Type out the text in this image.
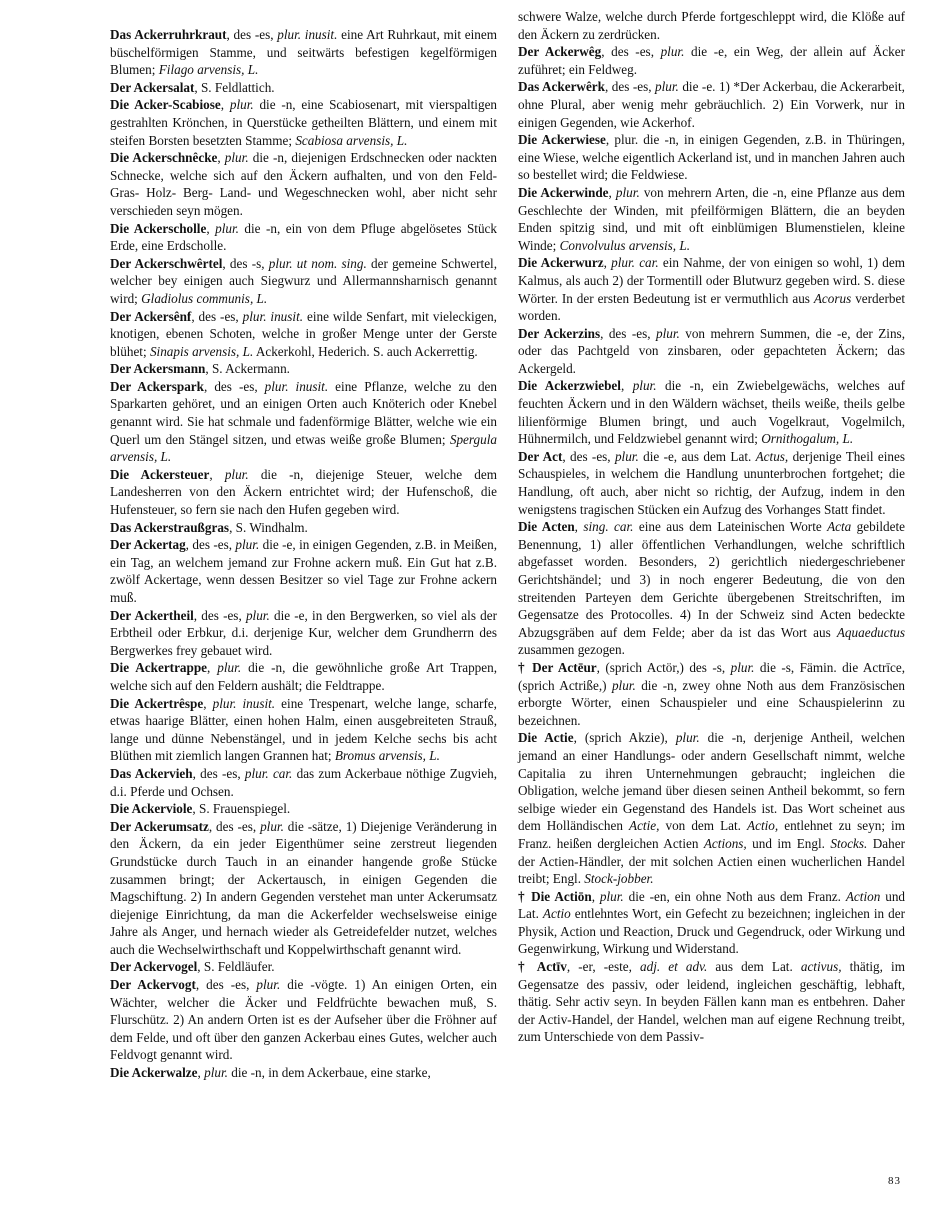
Das Ackerruhrkraut, des -es, plur. inusit. eine Art Ruhrkaut, mit einem büschelförmigen Stamme, und seitwärts befestigen kegelförmigen Blumen; Filago arvensis, L.

Der Ackersalat, S. Feldlattich.

Die Acker-Scabiose, plur. die -n, eine Scabiosenart, mit vierspaltigen gestrahlten Krönchen, in Querstücke getheilten Blättern, und einem mit steifen Borsten besetzten Stamme; Scabiosa arvensis, L.

Die Ackerschnêcke, plur. die -n, diejenigen Erdschnecken oder nackten Schnecke, welche sich auf den Äckern aufhalten, und von den Feld- Gras- Holz- Berg- Land- und Wegeschnecken wohl, aber nicht sehr verschieden seyn mögen.

Die Ackerscholle, plur. die -n, ein von dem Pfluge abgelösetes Stück Erde, eine Erdscholle.

Der Ackerschwêrtel, des -s, plur. ut nom. sing. der gemeine Schwertel, welcher bey einigen auch Siegwurz und Allermannsharnisch genannt wird; Gladiolus communis, L.

Der Ackersênf, des -es, plur. inusit. eine wilde Senfart, mit vieleckigen, knotigen, ebenen Schoten, welche in großer Menge unter der Gerste blühet; Sinapis arvensis, L. Ackerkohl, Hederich. S. auch Ackerrettig.

Der Ackersmann, S. Ackermann.

Der Ackerspark, des -es, plur. inusit. eine Pflanze, welche zu den Sparkarten gehöret, und an einigen Orten auch Knöterich oder Knebel genannt wird. Sie hat schmale und fadenförmige Blätter, welche wie ein Querl um den Stängel sitzen, und etwas weiße große Blumen; Spergula arvensis, L.

Die Ackersteuer, plur. die -n, diejenige Steuer, welche dem Landesherren von den Äckern entrichtet wird; der Hufenschoß, die Hufensteuer, so fern sie nach den Hufen gegeben wird.

Das Ackerstraußgras, S. Windhalm.

Der Ackertag, des -es, plur. die -e, in einigen Gegenden, z.B. in Meißen, ein Tag, an welchem jemand zur Frohne ackern muß. Ein Gut hat z.B. zwölf Ackertage, wenn dessen Besitzer so viel Tage zur Frohne ackern muß.

Der Ackertheil, des -es, plur. die -e, in den Bergwerken, so viel als der Erbtheil oder Erbkur, d.i. derjenige Kur, welcher dem Grundherrn des Bergwerkes frey gebauet wird.

Die Ackertrappe, plur. die -n, die gewöhnliche große Art Trappen, welche sich auf den Feldern aushält; die Feldtrappe.

Die Ackertrêspe, plur. inusit. eine Trespenart, welche lange, scharfe, etwas haarige Blätter, einen hohen Halm, einen ausgebreiteten Strauß, lange und dünne Nebenstängel, und in jedem Kelche sechs bis acht Blüthen mit ziemlich langen Grannen hat; Bromus arvensis, L.

Das Ackervieh, des -es, plur. car. das zum Ackerbaue nöthige Zugvieh, d.i. Pferde und Ochsen.

Die Ackerviole, S. Frauenspiegel.

Der Ackerumsatz, des -es, plur. die -sätze, 1) Diejenige Veränderung in den Äckern, da ein jeder Eigenthümer seine zerstreut liegenden Grundstücke durch Tauch in an einander hangende große Stücke zusammen bringt; der Ackertausch, in einigen Gegenden die Magschiftung. 2) In andern Gegenden verstehet man unter Ackerumsatz diejenige Einrichtung, da man die Ackerfelder wechselsweise einige Jahre als Anger, und hernach wieder als Getreidefelder nutzet, welches auch die Wechselwirthschaft und Koppelwirthschaft genannt wird.

Der Ackervogel, S. Feldläufer.

Der Ackervogt, des -es, plur. die -vögte. 1) An einigen Orten, ein Wächter, welcher die Äcker und Feldfrüchte bewachen muß, S. Flurschütz. 2) An andern Orten ist es der Aufseher über die Fröhner auf dem Felde, und oft über den ganzen Ackerbau eines Gutes, welcher auch Feldvogt genannt wird.

Die Ackerwalze, plur. die -n, in dem Ackerbaue, eine starke,

schwere Walze, welche durch Pferde fortgeschleppt wird, die Klöße auf den Äckern zu zerdrücken.

Der Ackerwêg, des -es, plur. die -e, ein Weg, der allein auf Äcker zuführet; ein Feldweg.

Das Ackerwêrk, des -es, plur. die -e. 1) *Der Ackerbau, die Ackerarbeit, ohne Plural, aber wenig mehr gebräuchlich. 2) Ein Vorwerk, nur in einigen Gegenden, wie Ackerhof.

Die Ackerwiese, plur. die -n, in einigen Gegenden, z.B. in Thüringen, eine Wiese, welche eigentlich Ackerland ist, und in manchen Jahren auch so bestellet wird; die Feldwiese.

Die Ackerwinde, plur. von mehrern Arten, die -n, eine Pflanze aus dem Geschlechte der Winden, mit pfeilförmigen Blättern, die an beyden Enden spitzig sind, und mit oft einblümigen Blumenstielen, kleine Winde; Convolvulus arvensis, L.

Die Ackerwurz, plur. car. ein Nahme, der von einigen so wohl, 1) dem Kalmus, als auch 2) der Tormentill oder Blutwurz gegeben wird. S. diese Wörter. In der ersten Bedeutung ist er vermuthlich aus Acorus verderbet worden.

Der Ackerzins, des -es, plur. von mehrern Summen, die -e, der Zins, oder das Pachtgeld von zinsbaren, oder gepachteten Äckern; das Ackergeld.

Die Ackerzwiebel, plur. die -n, ein Zwiebelgewächs, welches auf feuchten Äckern und in den Wäldern wächset, theils weiße, theils gelbe lilienförmige Blumen bringt, und auch Vogelkraut, Vogelmilch, Hühnermilch, und Feldzwiebel genannt wird; Ornithogalum, L.

Der Act, des -es, plur. die -e, aus dem Lat. Actus, derjenige Theil eines Schauspieles, in welchem die Handlung ununterbrochen fortgehet; die Handlung, oft auch, aber nicht so richtig, der Aufzug, indem in den wenigstens tragischen Stücken ein Aufzug des Vorhanges Statt findet.

Die Acten, sing. car. eine aus dem Lateinischen Worte Acta gebildete Benennung, 1) aller öffentlichen Verhandlungen, welche schriftlich abgefasset worden. Besonders, 2) gerichtlich niedergeschriebener Gerichtshändel; und 3) in noch engerer Bedeutung, die von den streitenden Parteyen dem Gerichte übergebenen Streitschriften, im Gegensatze des Protocolles. 4) In der Schweiz sind Acten bedeckte Abzugsgräben auf dem Felde; aber da ist das Wort aus Aquaeductus zusammen gezogen.

† Der Actēur, (sprich Actör,) des -s, plur. die -s, Fämin. die Actrīce, (sprich Actriße,) plur. die -n, zwey ohne Noth aus dem Französischen erborgte Wörter, einen Schauspieler und eine Schauspielerinn zu bezeichnen.

Die Actie, (sprich Akzie), plur. die -n, derjenige Antheil, welchen jemand an einer Handlungs- oder andern Gesellschaft nimmt, welche Capitalia zu ihren Unternehmungen gebraucht; ingleichen die Obligation, welche jemand über diesen seinen Antheil bekommt, so fern selbige wieder ein Gegenstand des Handels ist. Das Wort scheinet aus dem Holländischen Actie, von dem Lat. Actio, entlehnet zu seyn; im Franz. heißen dergleichen Actien Actions, und im Engl. Stocks. Daher der Actien-Händler, der mit solchen Actien einen wucherlichen Handel treibt; Engl. Stock-jobber.

† Die Actiōn, plur. die -en, ein ohne Noth aus dem Franz. Action und Lat. Actio entlehntes Wort, ein Gefecht zu bezeichnen; ingleichen in der Physik, Action und Reaction, Druck und Gegendruck, oder Wirkung und Gegenwirkung, Wirkung und Widerstand.

† Actīv, -er, -este, adj. et adv. aus dem Lat. activus, thätig, im Gegensatze des passiv, oder leidend, ingleichen geschäftig, lebhaft, thätig. Sehr activ seyn. In beyden Fällen kann man es entbehren. Daher der Activ-Handel, der Handel, welchen man auf eigene Rechnung treibt, zum Unterschiede von dem Passiv-

83
